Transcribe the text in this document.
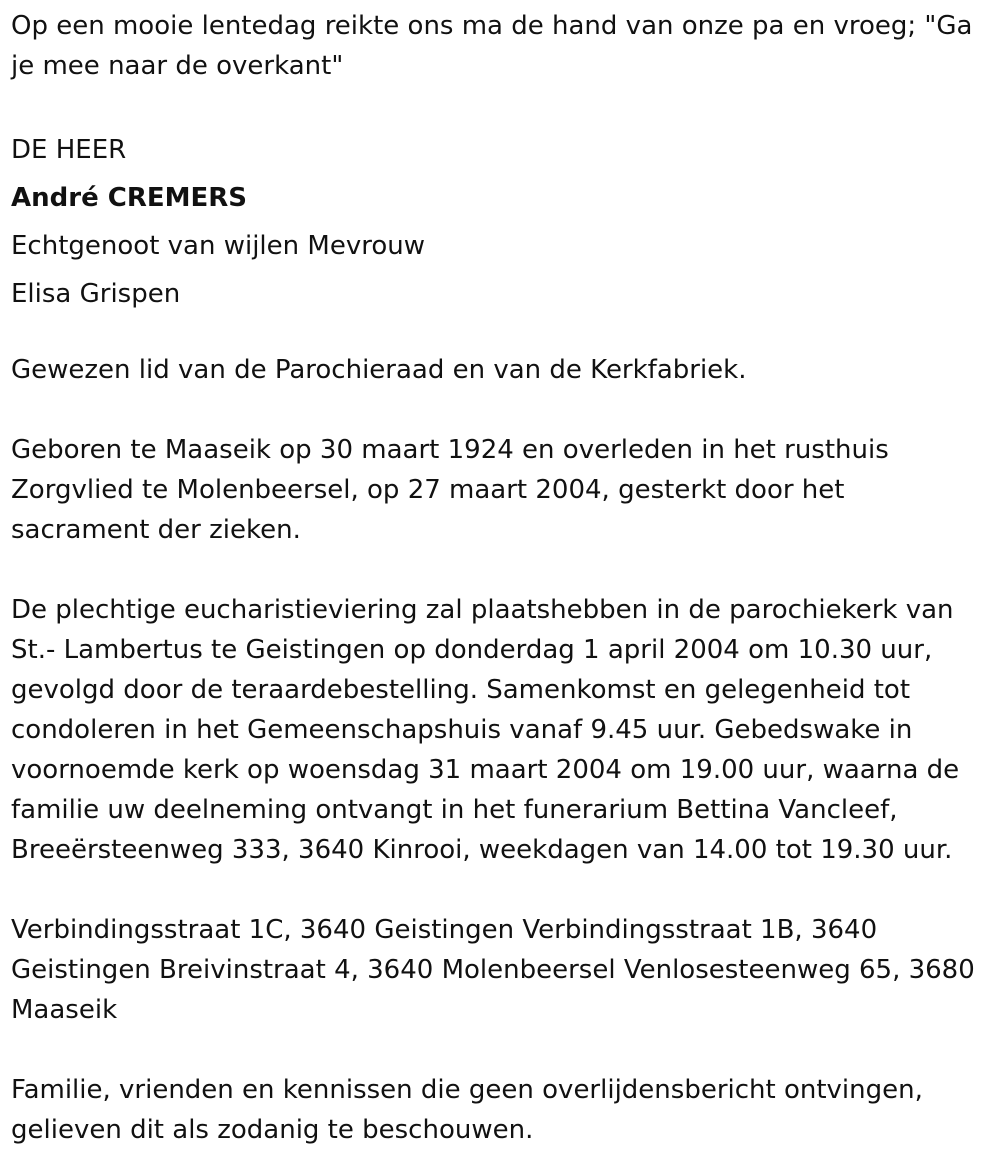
Op een mooie lentedag reikte ons ma de hand van onze pa en vroeg; "Ga
je mee naar de overkant"

DE HEER
André CREMERS
Echtgenoot van wijlen Mevrouw
Elisa Grispen

Gewezen lid van de Parochieraad en van de Kerkfabriek.

Geboren te Maaseik op 30 maart 1924 en overleden in het rusthuis
Zorgvlied te Molenbeersel, op 27 maart 2004, gesterkt door het
sacrament der zieken.

De plechtige eucharistieviering zal plaatshebben in de parochiekerk van
St.- Lambertus te Geistingen op donderdag 1 april 2004 om 10.30 uur,
gevolgd door de teraardebestelling. Samenkomst en gelegenheid tot
condoleren in het Gemeenschapshuis vanaf 9.45 uur. Gebedswake in
voornoemde kerk op woensdag 31 maart 2004 om 19.00 uur, waarna de
familie uw deelneming ontvangt in het funerarium Bettina Vancleef,
Breeërsteenweg 333, 3640 Kinrooi, weekdagen van 14.00 tot 19.30 uur.

Verbindingsstraat 1C, 3640 Geistingen Verbindingsstraat 1B, 3640
Geistingen Breivinstraat 4, 3640 Molenbeersel Venlosesteenweg 65, 3680
Maaseik

Familie, vrienden en kennissen die geen overlijdensbericht ontvingen,
gelieven dit als zodanig te beschouwen.
